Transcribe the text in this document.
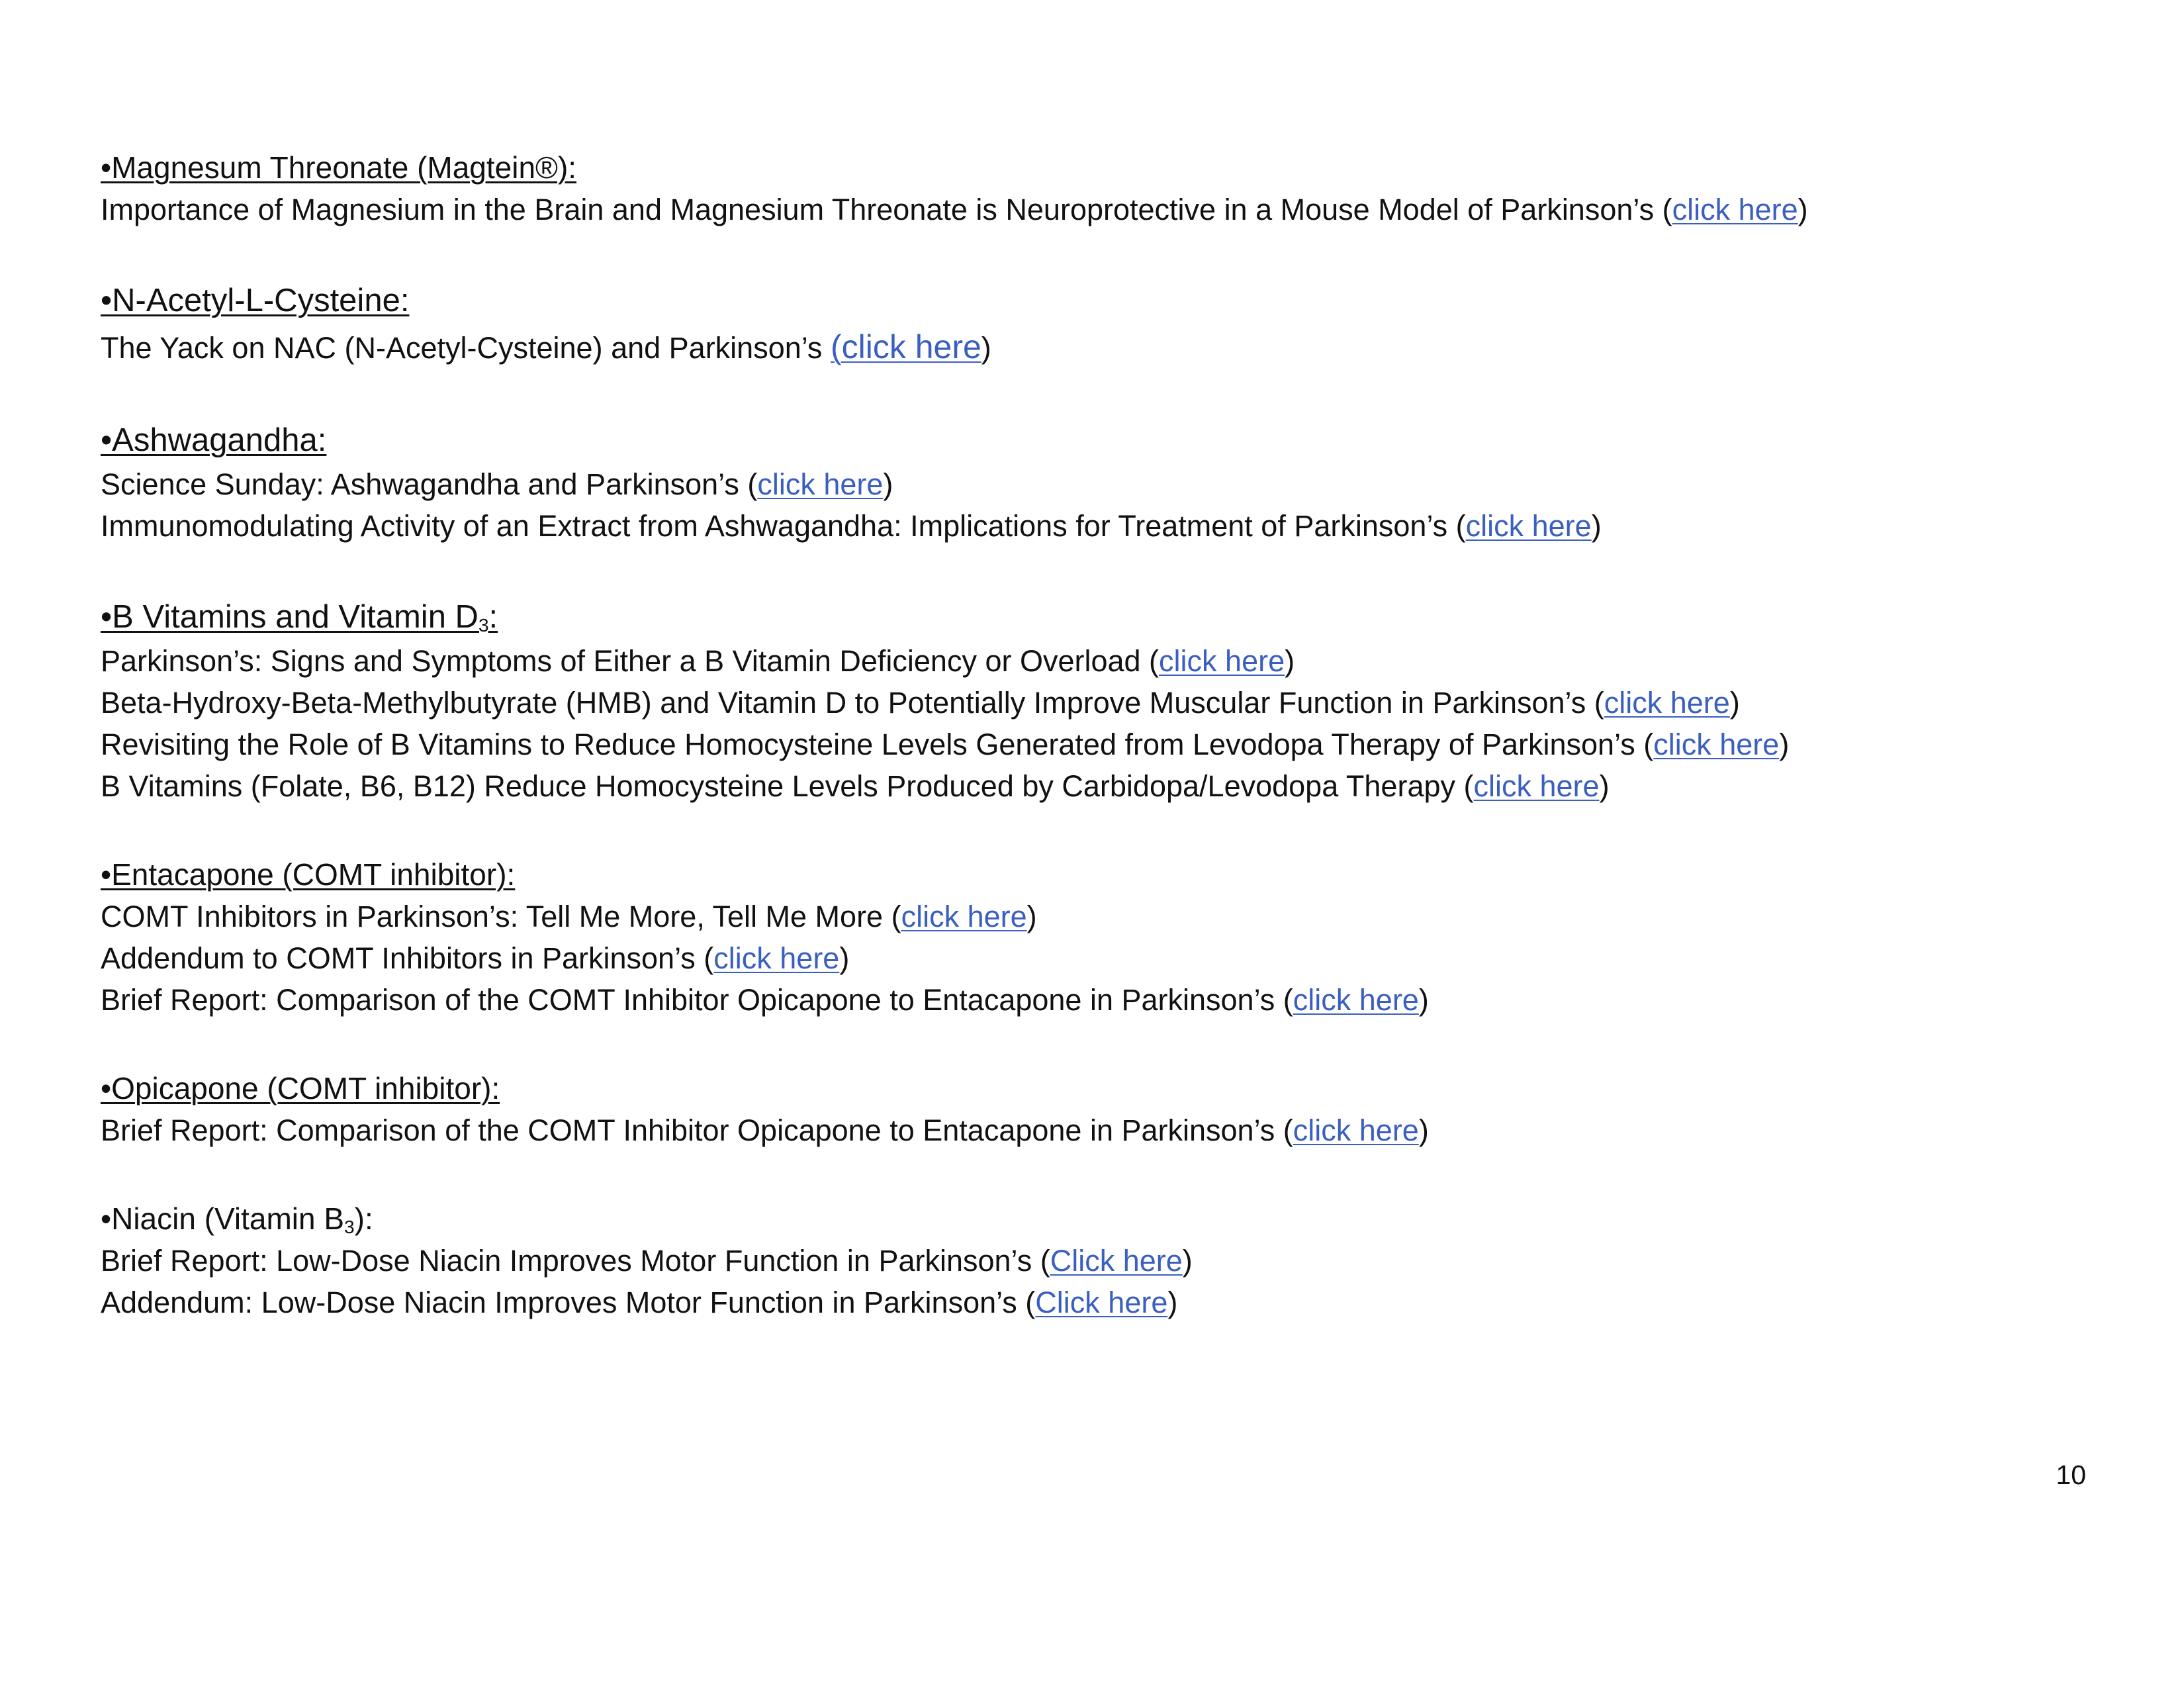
•Magnesum Threonate (Magtein®):
Importance of Magnesium in the Brain and Magnesium Threonate is Neuroprotective in a Mouse Model of Parkinson’s (click here)
•N-Acetyl-L-Cysteine:
The Yack on NAC (N-Acetyl-Cysteine) and Parkinson’s (click here)
•Ashwagandha:
Science Sunday: Ashwagandha and Parkinson’s (click here)
Immunomodulating Activity of an Extract from Ashwagandha: Implications for Treatment of Parkinson’s (click here)
•B Vitamins and Vitamin $D_3$:
Parkinson’s: Signs and Symptoms of Either a B Vitamin Deficiency or Overload (click here)
Beta-Hydroxy-Beta-Methylbutyrate (HMB) and Vitamin D to Potentially Improve Muscular Function in Parkinson’s (click here)
Revisiting the Role of B Vitamins to Reduce Homocysteine Levels Generated from Levodopa Therapy of Parkinson’s (click here)
B Vitamins (Folate, B6, B12) Reduce Homocysteine Levels Produced by Carbidopa/Levodopa Therapy (click here)
•Entacapone (COMT inhibitor):
COMT Inhibitors in Parkinson’s: Tell Me More, Tell Me More (click here)
Addendum to COMT Inhibitors in Parkinson’s (click here)
Brief Report: Comparison of the COMT Inhibitor Opicapone to Entacapone in Parkinson’s (click here)
•Opicapone (COMT inhibitor):
Brief Report: Comparison of the COMT Inhibitor Opicapone to Entacapone in Parkinson’s (click here)
•Niacin (Vitamin $B_3$):
Brief Report: Low-Dose Niacin Improves Motor Function in Parkinson’s (Click here)
Addendum: Low-Dose Niacin Improves Motor Function in Parkinson’s (Click here)
10
